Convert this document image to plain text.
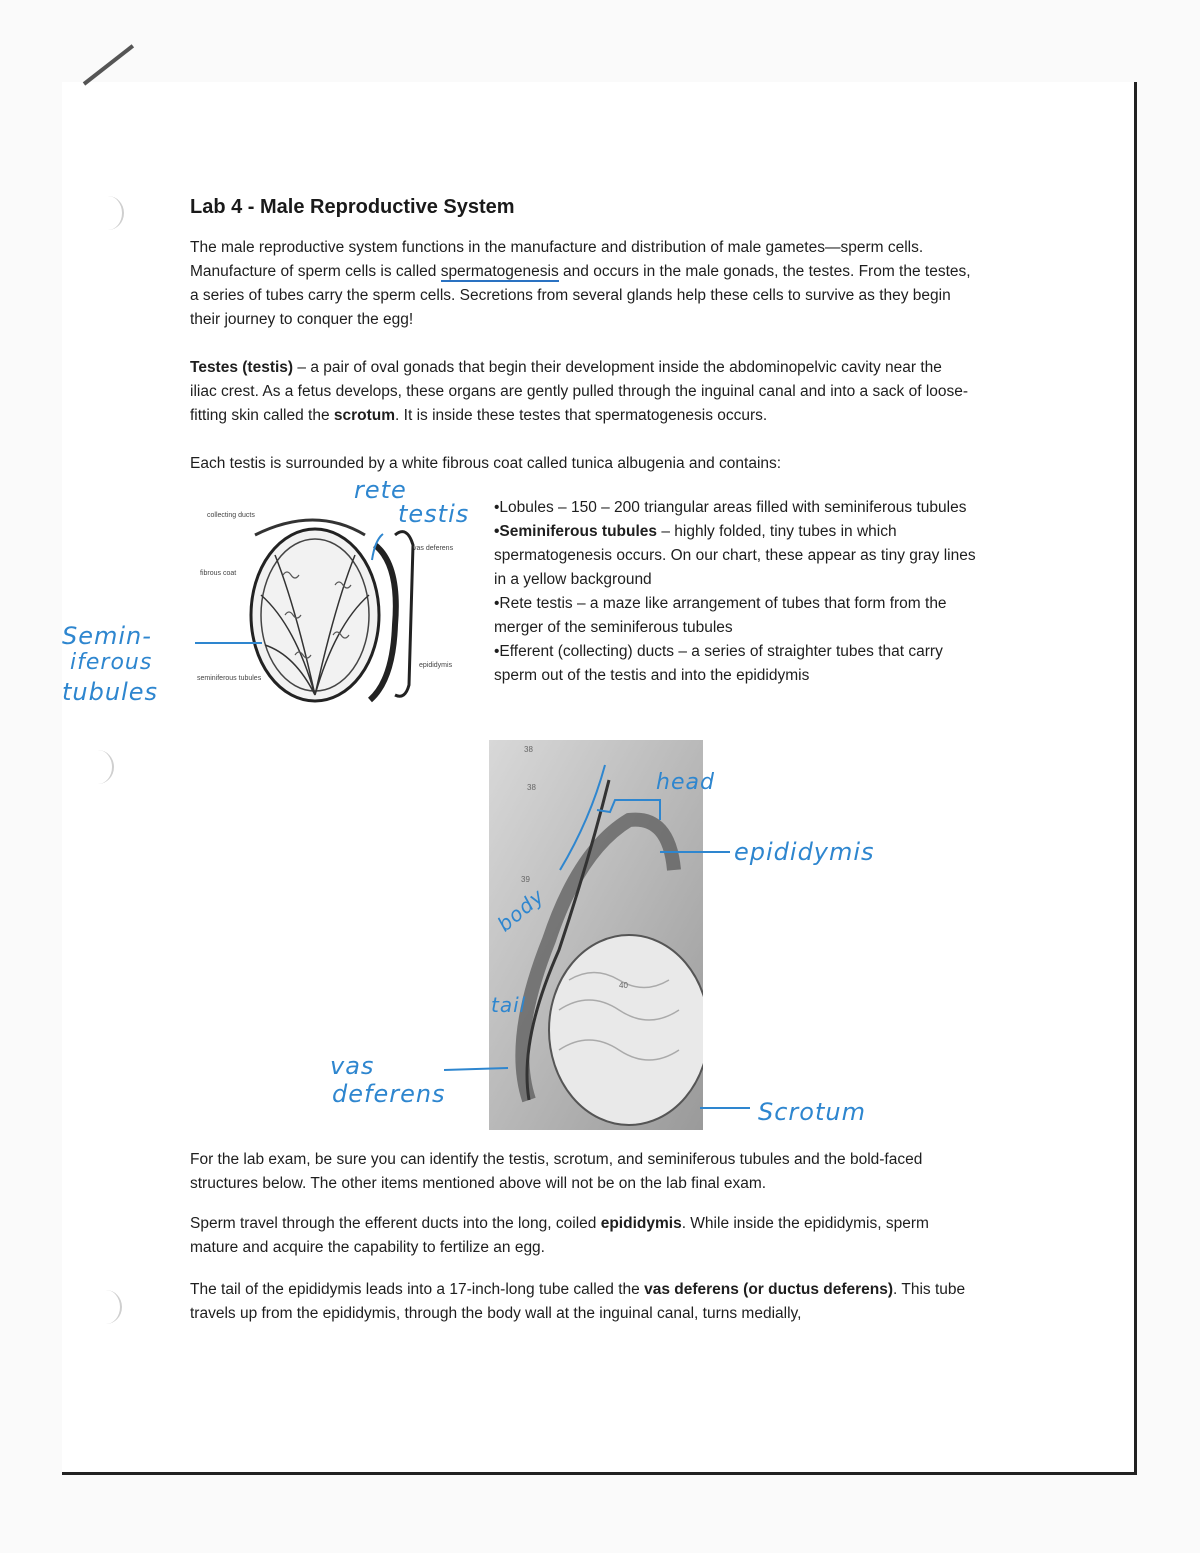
Lab 4 - Male Reproductive System
The male reproductive system functions in the manufacture and distribution of male gametes—sperm cells. Manufacture of sperm cells is called spermatogenesis and occurs in the male gonads, the testes. From the testes, a series of tubes carry the sperm cells. Secretions from several glands help these cells to survive as they begin their journey to conquer the egg!
Testes (testis) – a pair of oval gonads that begin their development inside the abdominopelvic cavity near the iliac crest. As a fetus develops, these organs are gently pulled through the inguinal canal and into a sack of loose-fitting skin called the scrotum. It is inside these testes that spermatogenesis occurs.
Each testis is surrounded by a white fibrous coat called tunica albugenia and contains:
•Lobules – 150 – 200 triangular areas filled with seminiferous tubules
•Seminiferous tubules – highly folded, tiny tubes in which spermatogenesis occurs. On our chart, these appear as tiny gray lines in a yellow background
•Rete testis – a maze like arrangement of tubes that form from the merger of the seminiferous tubules
•Efferent (collecting) ducts – a series of straighter tubes that carry sperm out of the testis and into the epididymis
collecting ducts
fibrous coat
seminiferous tubules
vas deferens
epididymis
38
38
39
40
rete
testis
Semin-
iferous
tubules
head
epididymis
body
tail
vas
deferens
Scrotum
For the lab exam, be sure you can identify the testis, scrotum, and seminiferous tubules and the bold-faced structures below. The other items mentioned above will not be on the lab final exam.
Sperm travel through the efferent ducts into the long, coiled epididymis. While inside the epididymis, sperm mature and acquire the capability to fertilize an egg.
The tail of the epididymis leads into a 17-inch-long tube called the vas deferens (or ductus deferens). This tube travels up from the epididymis, through the body wall at the inguinal canal, turns medially,
